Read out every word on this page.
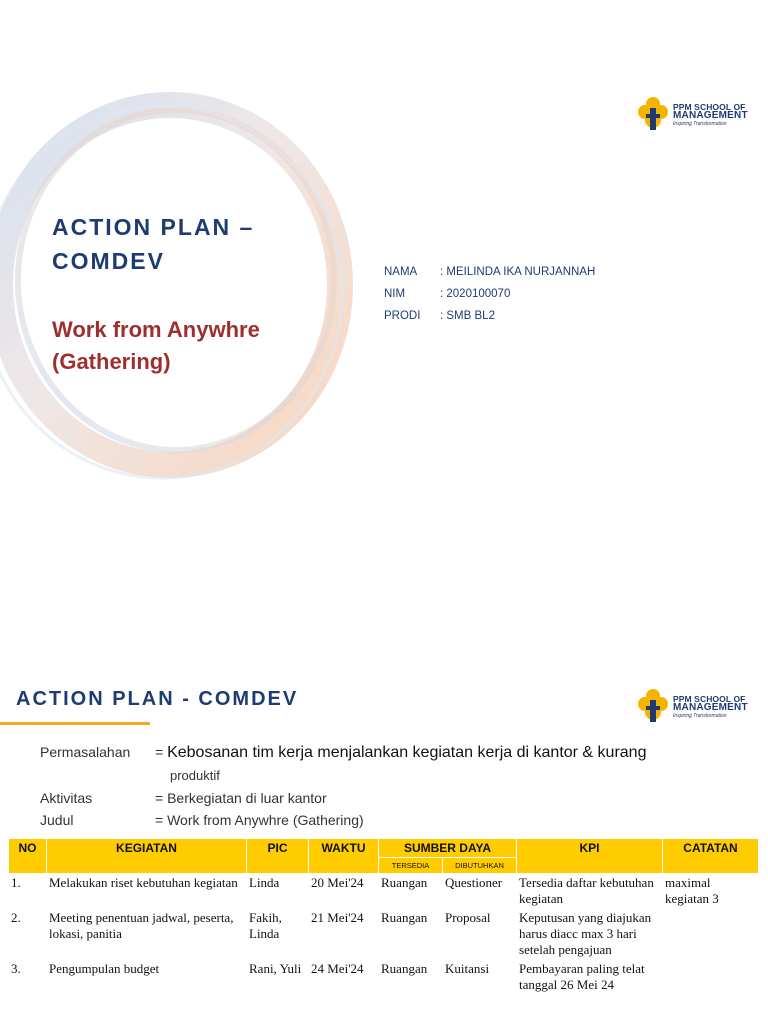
PPM SCHOOL OF
MANAGEMENT
Inspiring Transformation
ACTION PLAN –
COMDEV
Work from Anywhre
(Gathering)
NAMA	: MEILINDA IKA NURJANNAH
NIM	: 2020100070
PRODI	: SMB BL2
ACTION PLAN - COMDEV	PPM SCHOOL OF
MANAGEMENT
Inspiring Transformation
Permasalahan = Kebosanan tim kerja menjalankan kegiatan kerja di kantor & kurang
produktif
Aktivitas	= Berkegiatan di luar kantor
Judul	= Work from Anywhre (Gathering)
NO	KEGIATAN	PIC	WAKTU	SUMBER DAYA		KPI	CATATAN
				TERSEDIA	DIBUTUHKAN		
1.	Melakukan riset kebutuhan kegiatan	Linda	20 Mei'24	Ruangan	Questioner	Tersedia daftar kebutuhan kegiatan	maximal kegiatan 3
2.	Meeting penentuan jadwal, peserta, lokasi, panitia	Fakih, Linda	21 Mei'24	Ruangan	Proposal	Keputusan yang diajukan harus diacc max 3 hari setelah pengajuan	
3.	Pengumpulan budget	Rani, Yuli	24 Mei'24	Ruangan	Kuitansi	Pembayaran paling telat tanggal 26 Mei 24	
